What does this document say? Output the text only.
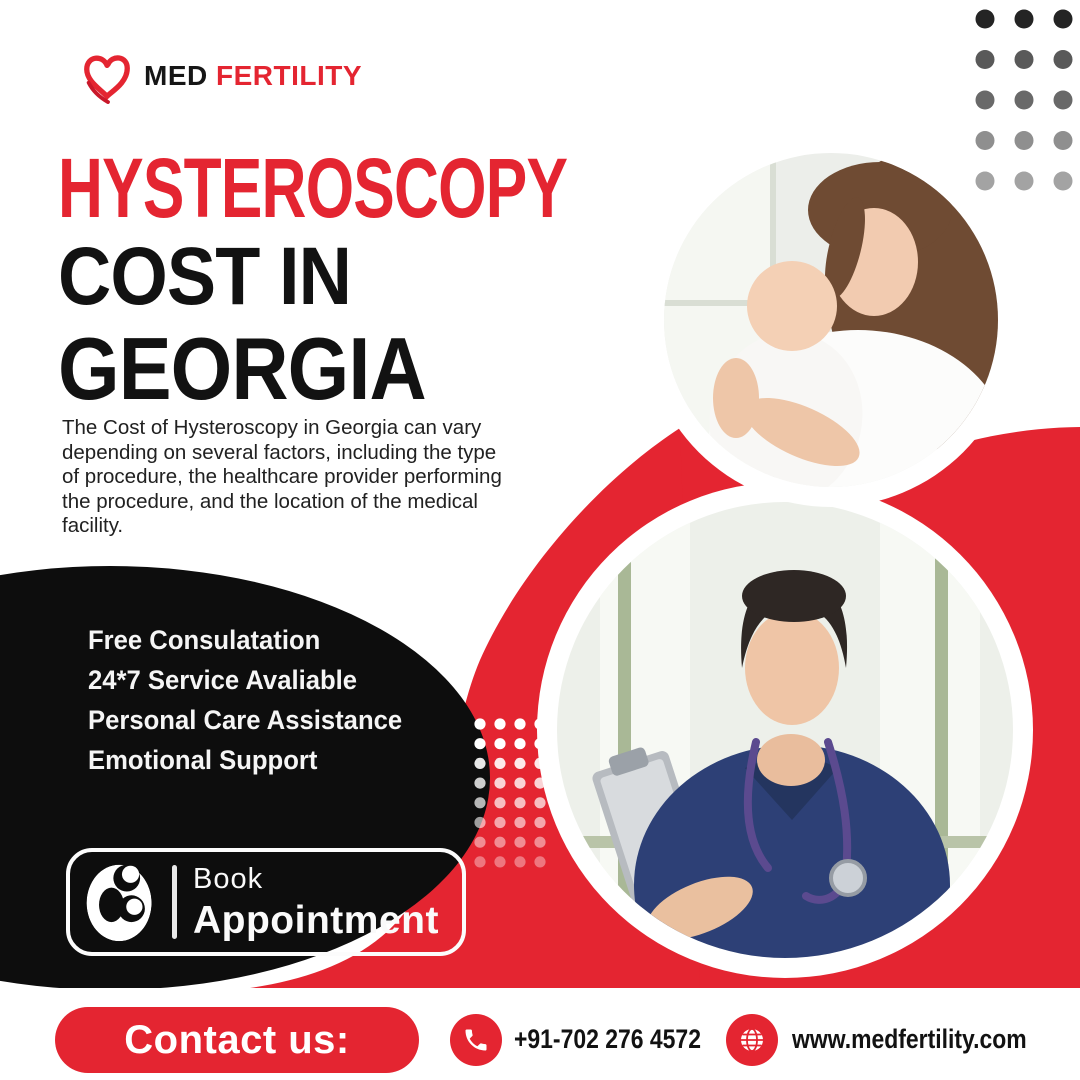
MED FERTILITY
HYSTEROSCOPY
COST IN
GEORGIA

The Cost of Hysteroscopy in Georgia can vary depending on several factors, including the type of procedure, the healthcare provider performing the procedure, and the location of the medical facility.

Free Consulatation
24*7 Service Avaliable
Personal Care Assistance
Emotional Support
Book
Appointment
Contact us:	+91-702 276 4572	www.medfertility.com
